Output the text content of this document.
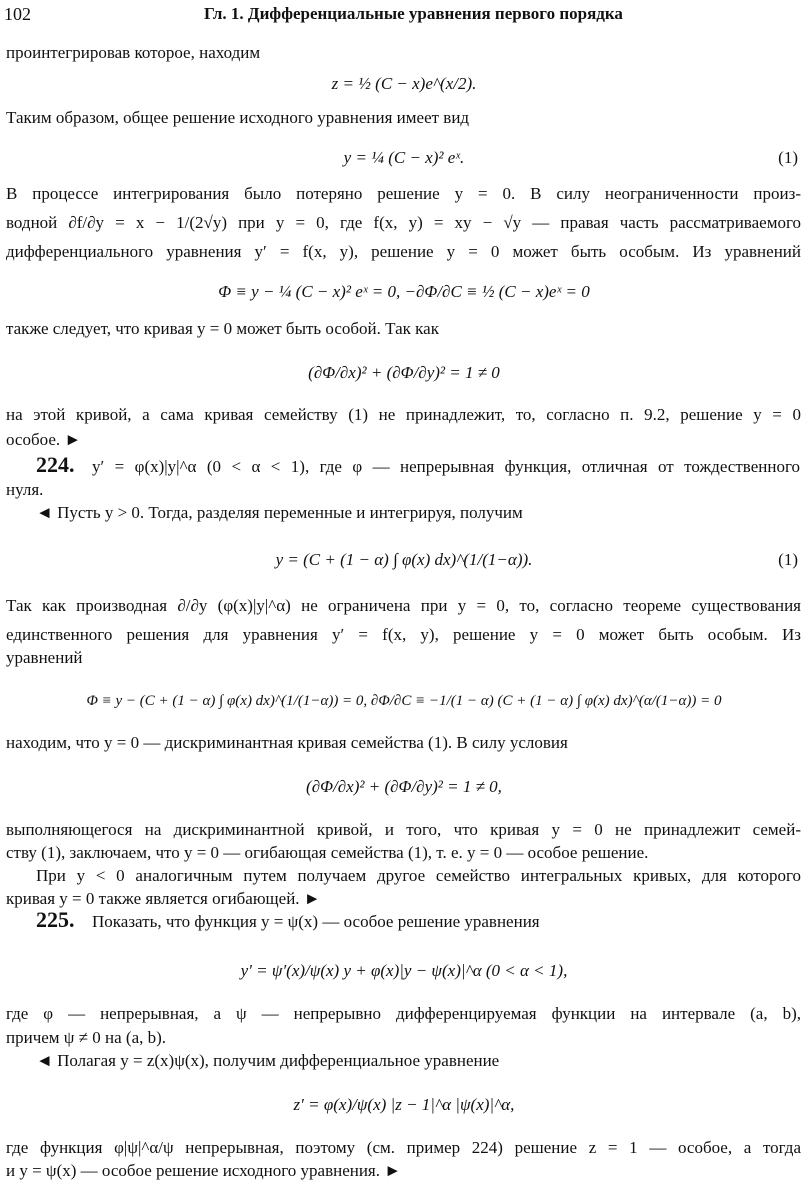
102	Гл. 1. Дифференциальные уравнения первого порядка
проинтегрировав которое, находим
z = ½ (C − x)e^(x/2).
Таким образом, общее решение исходного уравнения имеет вид
y = ¼ (C − x)² eˣ.	(1)
В процессе интегрирования было потеряно решение y = 0. В силу неограниченности произ-
водной ∂f/∂y = x − 1/(2√y) при y = 0, где f(x, y) = xy − √y — правая часть рассматриваемого
дифференциального уравнения y′ = f(x, y), решение y = 0 может быть особым. Из уравнений
Φ ≡ y − ¼ (C − x)² eˣ = 0, −∂Φ/∂C ≡ ½ (C − x)eˣ = 0
также следует, что кривая y = 0 может быть особой. Так как
(∂Φ/∂x)² + (∂Φ/∂y)² = 1 ≠ 0
на этой кривой, а сама кривая семейству (1) не принадлежит, то, согласно п. 9.2, решение y = 0
особое. ►
224. y′ = φ(x)|y|^α (0 < α < 1), где φ — непрерывная функция, отличная от тождественного
нуля.
◄ Пусть y > 0. Тогда, разделяя переменные и интегрируя, получим
y = (C + (1 − α) ∫ φ(x) dx)^(1/(1−α)).	(1)
Так как производная ∂/∂y (φ(x)|y|^α) не ограничена при y = 0, то, согласно теореме существования
единственного решения для уравнения y′ = f(x, y), решение y = 0 может быть особым. Из
уравнений
Φ ≡ y − (C + (1 − α) ∫ φ(x) dx)^(1/(1−α)) = 0, ∂Φ/∂C ≡ −1/(1 − α) (C + (1 − α) ∫ φ(x) dx)^(α/(1−α)) = 0
находим, что y = 0 — дискриминантная кривая семейства (1). В силу условия
(∂Φ/∂x)² + (∂Φ/∂y)² = 1 ≠ 0,
выполняющегося на дискриминантной кривой, и того, что кривая y = 0 не принадлежит семей-
ству (1), заключаем, что y = 0 — огибающая семейства (1), т. е. y = 0 — особое решение.
При y < 0 аналогичным путем получаем другое семейство интегральных кривых, для которого
кривая y = 0 также является огибающей. ►
225. Показать, что функция y = ψ(x) — особое решение уравнения
y′ = ψ′(x)/ψ(x) y + φ(x)|y − ψ(x)|^α (0 < α < 1),
где φ — непрерывная, а ψ — непрерывно дифференцируемая функции на интервале (a, b),
причем ψ ≠ 0 на (a, b).
◄ Полагая y = z(x)ψ(x), получим дифференциальное уравнение
z′ = φ(x)/ψ(x) |z − 1|^α |ψ(x)|^α,
где функция φ|ψ|^α/ψ непрерывная, поэтому (см. пример 224) решение z = 1 — особое, а тогда
и y = ψ(x) — особое решение исходного уравнения. ►
